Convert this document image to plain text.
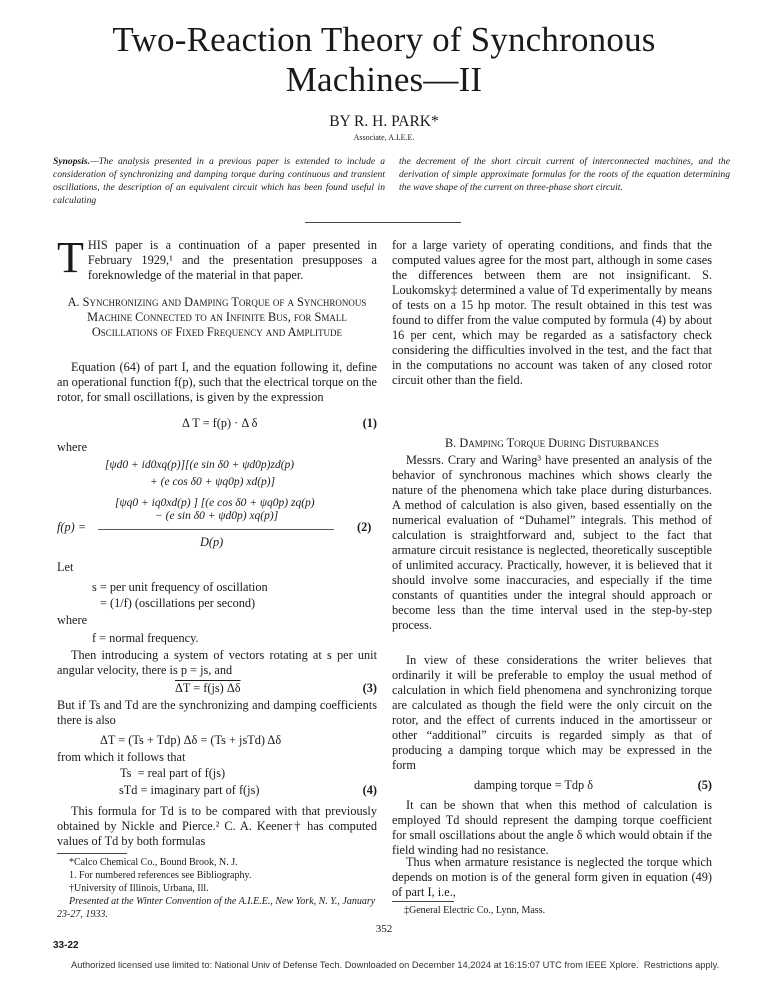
Two-Reaction Theory of Synchronous
Machines—II
BY R. H. PARK*
Associate, A.I.E.E.
Synopsis.—The analysis presented in a previous paper is extended to include a consideration of synchronizing and damping torque during continuous and transient oscillations, the description of an equivalent circuit which has been found useful in calculating
the decrement of the short circuit current of interconnected machines, and the derivation of simple approximate formulas for the roots of the equation determining the wave shape of the current on three-phase short circuit.
THIS paper is a continuation of a paper presented in February 1929,¹ and the presentation presupposes a foreknowledge of the material in that paper.
A. Synchronizing and Damping Torque of a Synchronous Machine Connected to an Infinite Bus, for Small Oscillations of Fixed Frequency and Amplitude

Equation (64) of part I, and the equation following it, define an operational function f(p), such that the electrical torque on the rotor, for small oscillations, is given by the expression

Δ T = f(p) · Δ δ	(1)

where
[ψd0 + id0xq(p)][(e sin δ0 + ψd0p)zd(p)
+ (e cos δ0 + ψq0p) xd(p)]
[ψq0 + iq0xd(p) ] [(e cos δ0 + ψq0p) zq(p)
− (e sin δ0 + ψd0p) xq(p)]
f(p) =
D(p)
(2)
Let
s = per unit frequency of oscillation
= (1/f) (oscillations per second)
where
f = normal frequency.

Then introducing a system of vectors rotating at s per unit angular velocity, there is p = js, and

ΔT = f(js) Δδ	(3)

But if Ts and Td are the synchronizing and damping coefficients there is also

ΔT = (Ts + Tdp) Δδ = (Ts + jsTd) Δδ

from which it follows that

Ts  = real part of f(js)
sTd = imaginary part of f(js)	(4)

This formula for Td is to be compared with that previously obtained by Nickle and Pierce.² C. A. Keener† has computed values of Td by both formulas

*Calco Chemical Co., Bound Brook, N. J.
1. For numbered references see Bibliography.
†University of Illinois, Urbana, Ill.
Presented at the Winter Convention of the A.I.E.E., New York, N. Y., January 23-27, 1933.

for a large variety of operating conditions, and finds that the computed values agree for the most part, although in some cases the differences between them are not insignificant. S. Loukomsky‡ determined a value of Td experimentally by means of tests on a 15 hp motor. The result obtained in this test was found to differ from the value computed by formula (4) by about 16 per cent, which may be regarded as a satisfactory check considering the difficulties involved in the test, and the fact that in the computations no account was taken of any closed rotor circuit other than the field.

B. Damping Torque During Disturbances

Messrs. Crary and Waring³ have presented an analysis of the behavior of synchronous machines which shows clearly the nature of the phenomena which take place during disturbances. A method of calculation is also given, based essentially on the numerical evaluation of “Duhamel” integrals. This method of calculation is straightforward and, subject to the fact that armature circuit resistance is neglected, theoretically susceptible of unlimited accuracy. Practically, however, it is believed that it should involve some inaccuracies, and especially if the time constants of quantities under the integral should approach or become less than the time interval used in the step-by-step process.

In view of these considerations the writer believes that ordinarily it will be preferable to employ the usual method of calculation in which field phenomena and synchronizing torque are calculated as though the field were the only circuit on the rotor, and the effect of currents induced in the amortisseur or other “additional” circuits is regarded simply as that of producing a damping torque which may be expressed in the form

damping torque = Tdp δ	(5)

It can be shown that when this method of calculation is employed Td should represent the damping torque coefficient for small oscillations about the angle δ which would obtain if the field winding had no resistance.

Thus when armature resistance is neglected the torque which depends on motion is of the general form given in equation (49) of part I, i.e.,

‡General Electric Co., Lynn, Mass.
352
33-22
Authorized licensed use limited to: National Univ of Defense Tech. Downloaded on December 14,2024 at 16:15:07 UTC from IEEE Xplore.  Restrictions apply.
